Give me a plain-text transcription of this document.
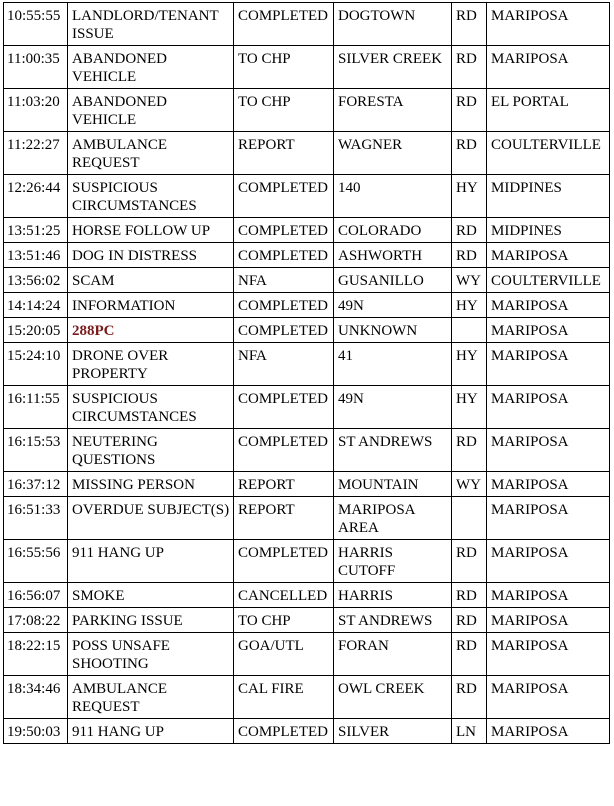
10:55:55	LANDLORD/TENANT ISSUE	COMPLETED	DOGTOWN	RD	MARIPOSA
11:00:35	ABANDONED VEHICLE	TO CHP	SILVER CREEK	RD	MARIPOSA
11:03:20	ABANDONED VEHICLE	TO CHP	FORESTA	RD	EL PORTAL
11:22:27	AMBULANCE REQUEST	REPORT	WAGNER	RD	COULTERVILLE
12:26:44	SUSPICIOUS CIRCUMSTANCES	COMPLETED	140	HY	MIDPINES
13:51:25	HORSE FOLLOW UP	COMPLETED	COLORADO	RD	MIDPINES
13:51:46	DOG IN DISTRESS	COMPLETED	ASHWORTH	RD	MARIPOSA
13:56:02	SCAM	NFA	GUSANILLO	WY	COULTERVILLE
14:14:24	INFORMATION	COMPLETED	49N	HY	MARIPOSA
15:20:05	288PC	COMPLETED	UNKNOWN		MARIPOSA
15:24:10	DRONE OVER PROPERTY	NFA	41	HY	MARIPOSA
16:11:55	SUSPICIOUS CIRCUMSTANCES	COMPLETED	49N	HY	MARIPOSA
16:15:53	NEUTERING QUESTIONS	COMPLETED	ST ANDREWS	RD	MARIPOSA
16:37:12	MISSING PERSON	REPORT	MOUNTAIN	WY	MARIPOSA
16:51:33	OVERDUE SUBJECT(S)	REPORT	MARIPOSA AREA		MARIPOSA
16:55:56	911 HANG UP	COMPLETED	HARRIS CUTOFF	RD	MARIPOSA
16:56:07	SMOKE	CANCELLED	HARRIS	RD	MARIPOSA
17:08:22	PARKING ISSUE	TO CHP	ST ANDREWS	RD	MARIPOSA
18:22:15	POSS UNSAFE SHOOTING	GOA/UTL	FORAN	RD	MARIPOSA
18:34:46	AMBULANCE REQUEST	CAL FIRE	OWL CREEK	RD	MARIPOSA
19:50:03	911 HANG UP	COMPLETED	SILVER	LN	MARIPOSA
